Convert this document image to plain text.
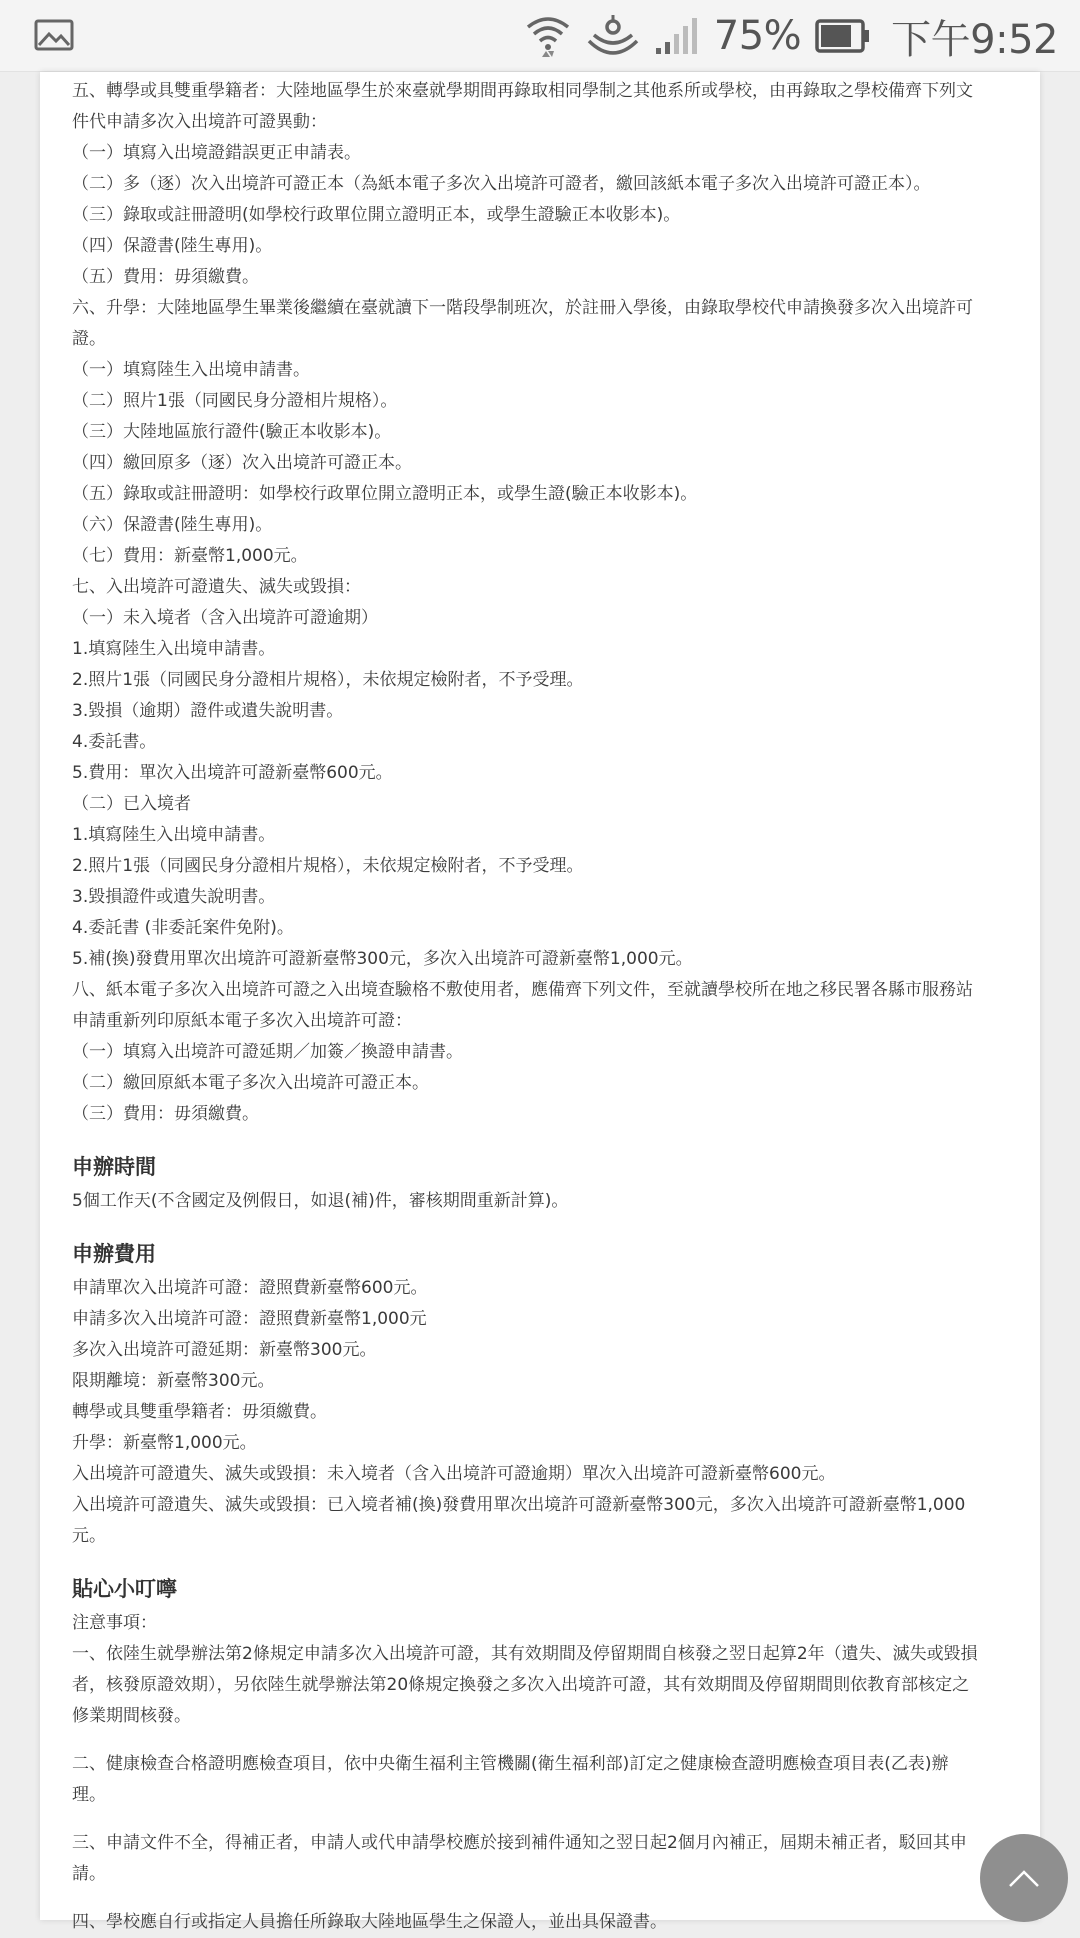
75% 下午9:52
五、轉學或具雙重學籍者：大陸地區學生於來臺就學期間再錄取相同學制之其他系所或學校，由再錄取之學校備齊下列文
件代申請多次入出境許可證異動：
（一）填寫入出境證錯誤更正申請表。
（二）多（逐）次入出境許可證正本（為紙本電子多次入出境許可證者，繳回該紙本電子多次入出境許可證正本）。
（三）錄取或註冊證明(如學校行政單位開立證明正本，或學生證驗正本收影本)。
（四）保證書(陸生專用)。
（五）費用：毋須繳費。
六、升學：大陸地區學生畢業後繼續在臺就讀下一階段學制班次，於註冊入學後，由錄取學校代申請換發多次入出境許可
證。
（一）填寫陸生入出境申請書。
（二）照片1張（同國民身分證相片規格）。
（三）大陸地區旅行證件(驗正本收影本)。
（四）繳回原多（逐）次入出境許可證正本。
（五）錄取或註冊證明：如學校行政單位開立證明正本，或學生證(驗正本收影本)。
（六）保證書(陸生專用)。
（七）費用：新臺幣1,000元。
七、入出境許可證遺失、滅失或毀損：
（一）未入境者（含入出境許可證逾期）
1.填寫陸生入出境申請書。
2.照片1張（同國民身分證相片規格），未依規定檢附者，不予受理。
3.毀損（逾期）證件或遺失說明書。
4.委託書。
5.費用：單次入出境許可證新臺幣600元。
（二）已入境者
1.填寫陸生入出境申請書。
2.照片1張（同國民身分證相片規格），未依規定檢附者，不予受理。
3.毀損證件或遺失說明書。
4.委託書 (非委託案件免附)。
5.補(換)發費用單次出境許可證新臺幣300元，多次入出境許可證新臺幣1,000元。
八、紙本電子多次入出境許可證之入出境查驗格不敷使用者，應備齊下列文件，至就讀學校所在地之移民署各縣市服務站
申請重新列印原紙本電子多次入出境許可證：
（一）填寫入出境許可證延期／加簽／換證申請書。
（二）繳回原紙本電子多次入出境許可證正本。
（三）費用：毋須繳費。
申辦時間
5個工作天(不含國定及例假日，如退(補)件，審核期間重新計算)。
申辦費用
申請單次入出境許可證：證照費新臺幣600元。
申請多次入出境許可證：證照費新臺幣1,000元
多次入出境許可證延期：新臺幣300元。
限期離境：新臺幣300元。
轉學或具雙重學籍者：毋須繳費。
升學：新臺幣1,000元。
入出境許可證遺失、滅失或毀損：未入境者（含入出境許可證逾期）單次入出境許可證新臺幣600元。
入出境許可證遺失、滅失或毀損：已入境者補(換)發費用單次出境許可證新臺幣300元，多次入出境許可證新臺幣1,000
元。
貼心小叮嚀
注意事項：
一、依陸生就學辦法第2條規定申請多次入出境許可證，其有效期間及停留期間自核發之翌日起算2年（遺失、滅失或毀損
者，核發原證效期），另依陸生就學辦法第20條規定換發之多次入出境許可證，其有效期間及停留期間則依教育部核定之
修業期間核發。
二、健康檢查合格證明應檢查項目，依中央衛生福利主管機關(衛生福利部)訂定之健康檢查證明應檢查項目表(乙表)辦
理。
三、申請文件不全，得補正者，申請人或代申請學校應於接到補件通知之翌日起2個月內補正，屆期未補正者，駁回其申
請。
四、學校應自行或指定人員擔任所錄取大陸地區學生之保證人，並出具保證書。
